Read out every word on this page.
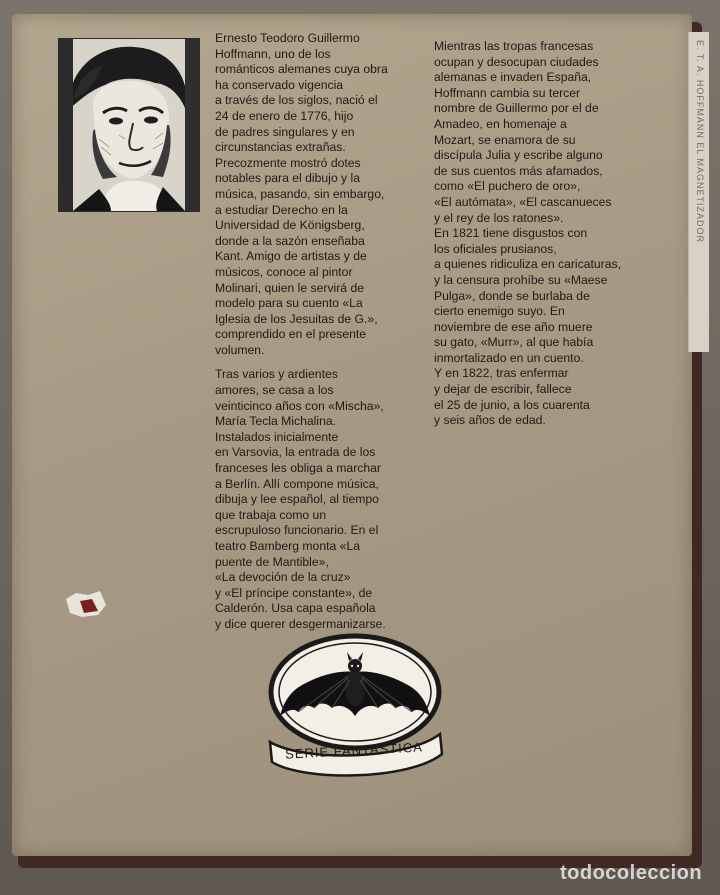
E. T. A. HOFFMANN EL MAGNETIZADOR
Ernesto Teodoro Guillermo
Hoffmann, uno de los
románticos alemanes cuya obra
ha conservado vigencia
a través de los siglos, nació el
24 de enero de 1776, hijo
de padres singulares y en
circunstancias extrañas.
Precozmente mostró dotes
notables para el dibujo y la
música, pasando, sin embargo,
a estudiar Derecho en la
Universidad de Königsberg,
donde a la sazón enseñaba
Kant. Amigo de artistas y de
músicos, conoce al pintor
Molinari, quien le servirá de
modelo para su cuento «La
Iglesia de los Jesuitas de G.»,
comprendido en el presente
volumen.
Tras varios y ardientes
amores, se casa a los
veinticinco años con «Mischa»,
María Tecla Michalina.
Instalados inicialmente
en Varsovia, la entrada de los
franceses les obliga a marchar
a Berlín. Allí compone música,
dibuja y lee español, al tiempo
que trabaja como un
escrupuloso funcionario. En el
teatro Bamberg monta «La
puente de Mantible»,
«La devoción de la cruz»
y «El príncipe constante», de
Calderón. Usa capa española
y dice querer desgermanizarse.
Mientras las tropas francesas
ocupan y desocupan ciudades
alemanas e invaden España,
Hoffmann cambia su tercer
nombre de Guillermo por el de
Amadeo, en homenaje a
Mozart, se enamora de su
discípula Julia y escribe alguno
de sus cuentos más afamados,
como «El puchero de oro»,
«El autómata», «El cascanueces
y el rey de los ratones».
En 1821 tiene disgustos con
los oficiales prusianos,
a quienes ridiculiza en caricaturas,
y la censura prohíbe su «Maese
Pulga», donde se burlaba de
cierto enemigo suyo. En
noviembre de ese año muere
su gato, «Murr», al que había
inmortalizado en un cuento.
Y en 1822, tras enfermar
y dejar de escribir, fallece
el 25 de junio, a los cuarenta
y seis años de edad.
SERIE FANTASTICA
todocoleccion
